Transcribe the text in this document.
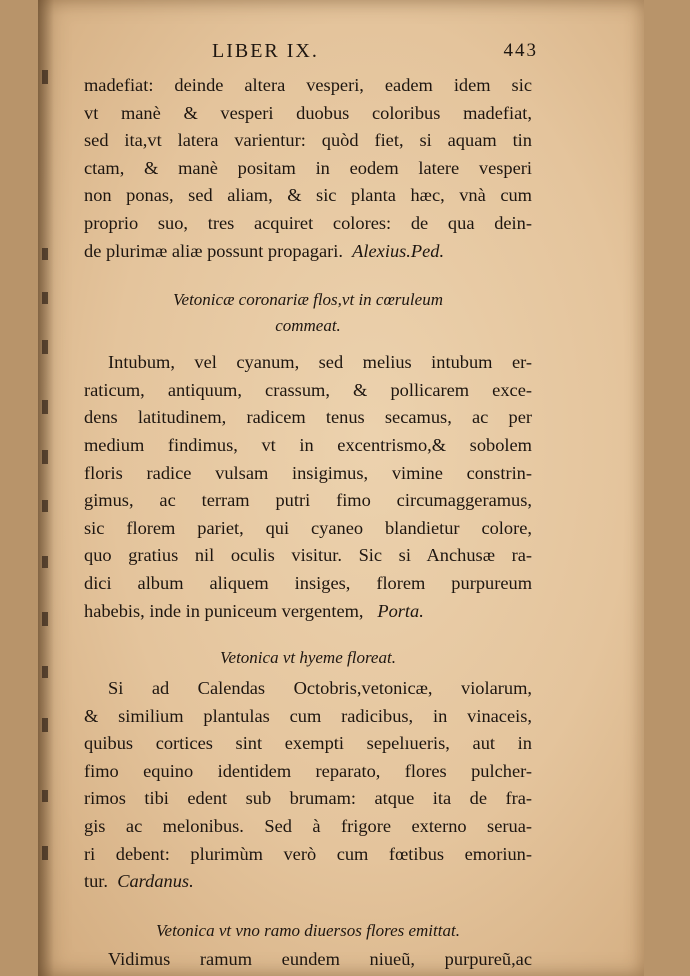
LIBER IX.	443
madefiat: deinde altera vesperi, eadem idem sic
vt manè & vesperi duobus coloribus madefiat,
sed ita,vt latera varientur: quòd fiet, si aquam tin
ctam, & manè positam in eodem latere vesperi
non ponas, sed aliam, & sic planta hæc, vnà cum
proprio suo, tres acquiret colores: de qua dein-
de plurimæ aliæ possunt propagari. Alexius.Ped.
Vetonicæ coronariæ flos,vt in cœruleum
commeat.
Intubum, vel cyanum, sed melius intubum er-
raticum, antiquum, crassum, & pollicarem exce-
dens latitudinem, radicem tenus secamus, ac per
medium findimus, vt in excentrismo,& sobolem
floris radice vulsam insigimus, vimine constrin-
gimus, ac terram putri fimo circumaggeramus,
sic florem pariet, qui cyaneo blandietur colore,
quo gratius nil oculis visitur. Sic si Anchusæ ra-
dici album aliquem insiges, florem purpureum
habebis, inde in puniceum vergentem, Porta.
Vetonica vt hyeme floreat.
Si ad Calendas Octobris,vetonicæ, violarum,
& similium plantulas cum radicibus, in vinaceis,
quibus cortices sint exempti sepelıueris, aut in
fimo equino identidem reparato, flores pulcher-
rimos tibi edent sub brumam: atque ita de fra-
gis ac melonibus. Sed à frigore externo serua-
ri debent: plurimùm verò cum fœtibus emoriun-
tur. Cardanus.
Vetonica vt vno ramo diuersos flores emittat.
Vidimus ramum eundem niueũ, purpureũ,ac
